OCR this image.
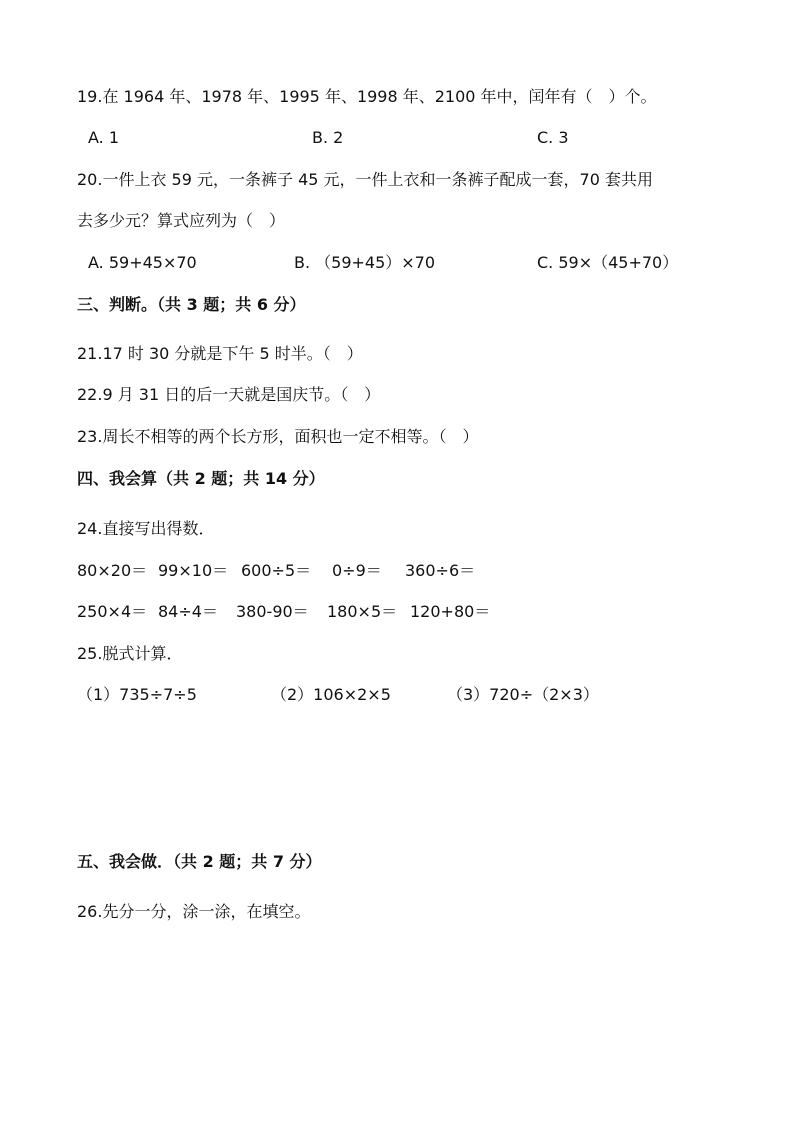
19.在 1964 年、1978 年、1995 年、1998 年、2100 年中，闰年有（　）个。
A. 1	B. 2	C. 3
20.一件上衣 59 元，一条裤子 45 元，一件上衣和一条裤子配成一套，70 套共用
去多少元？算式应列为（　）
A. 59+45×70	B. （59+45）×70	C. 59×（45+70）
三、判断。（共 3 题；共 6 分）
21.17 时 30 分就是下午 5 时半。（　）
22.9 月 31 日的后一天就是国庆节。（　）
23.周长不相等的两个长方形，面积也一定不相等。（　）
四、我会算（共 2 题；共 14 分）
24.直接写出得数．
80×20＝ 99×10＝ 600÷5＝ 0÷9＝ 360÷6＝
250×4＝ 84÷4＝ 380-90＝ 180×5＝ 120+80＝
25.脱式计算．
（1）735÷7÷5	（2）106×2×5	（3）720÷（2×3）
五、我会做．（共 2 题；共 7 分）
26.先分一分，涂一涂，在填空。
